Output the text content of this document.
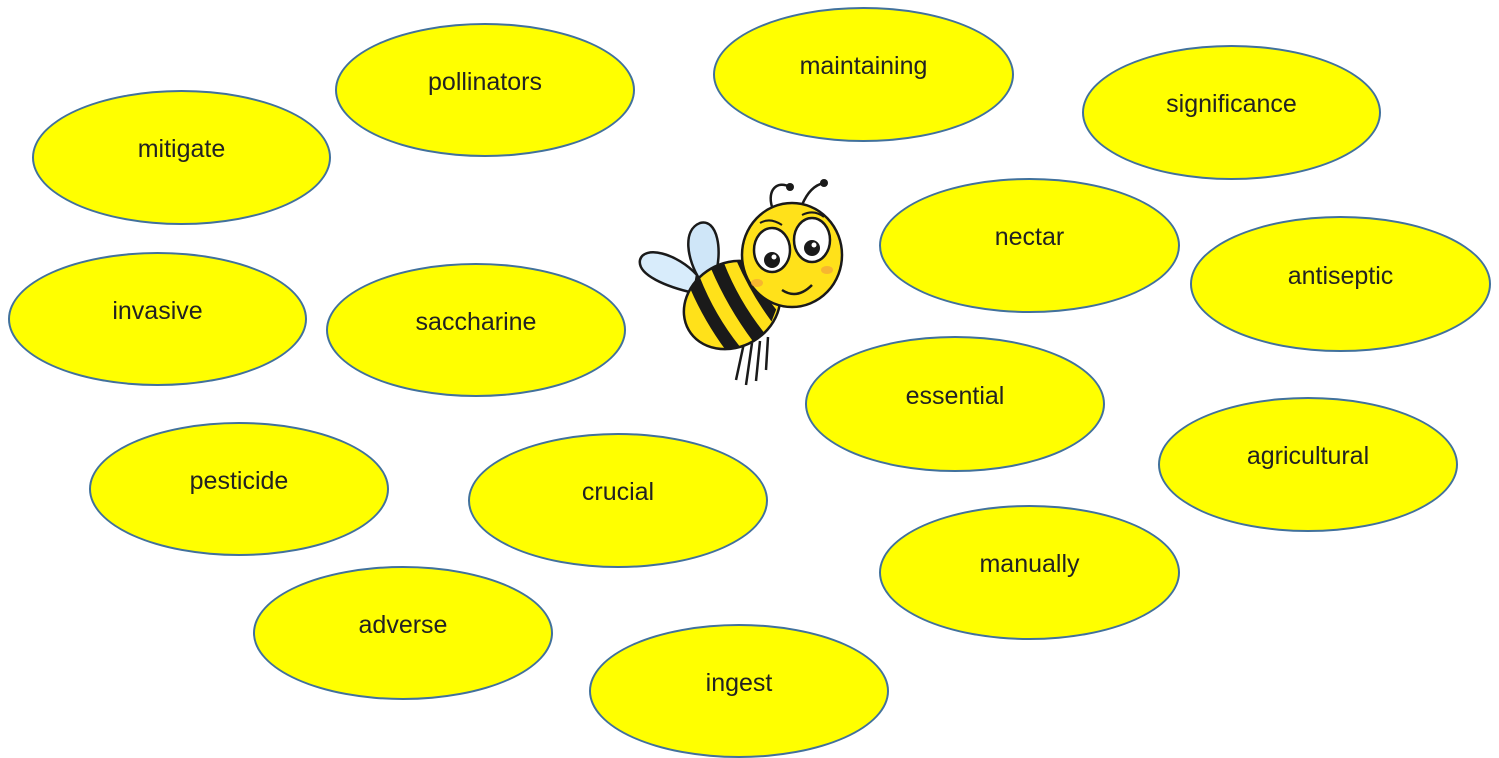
pollinators
maintaining
significance
mitigate
nectar
antiseptic
invasive	saccharine
essential
agricultural
pesticide	crucial
manually
adverse
ingest
